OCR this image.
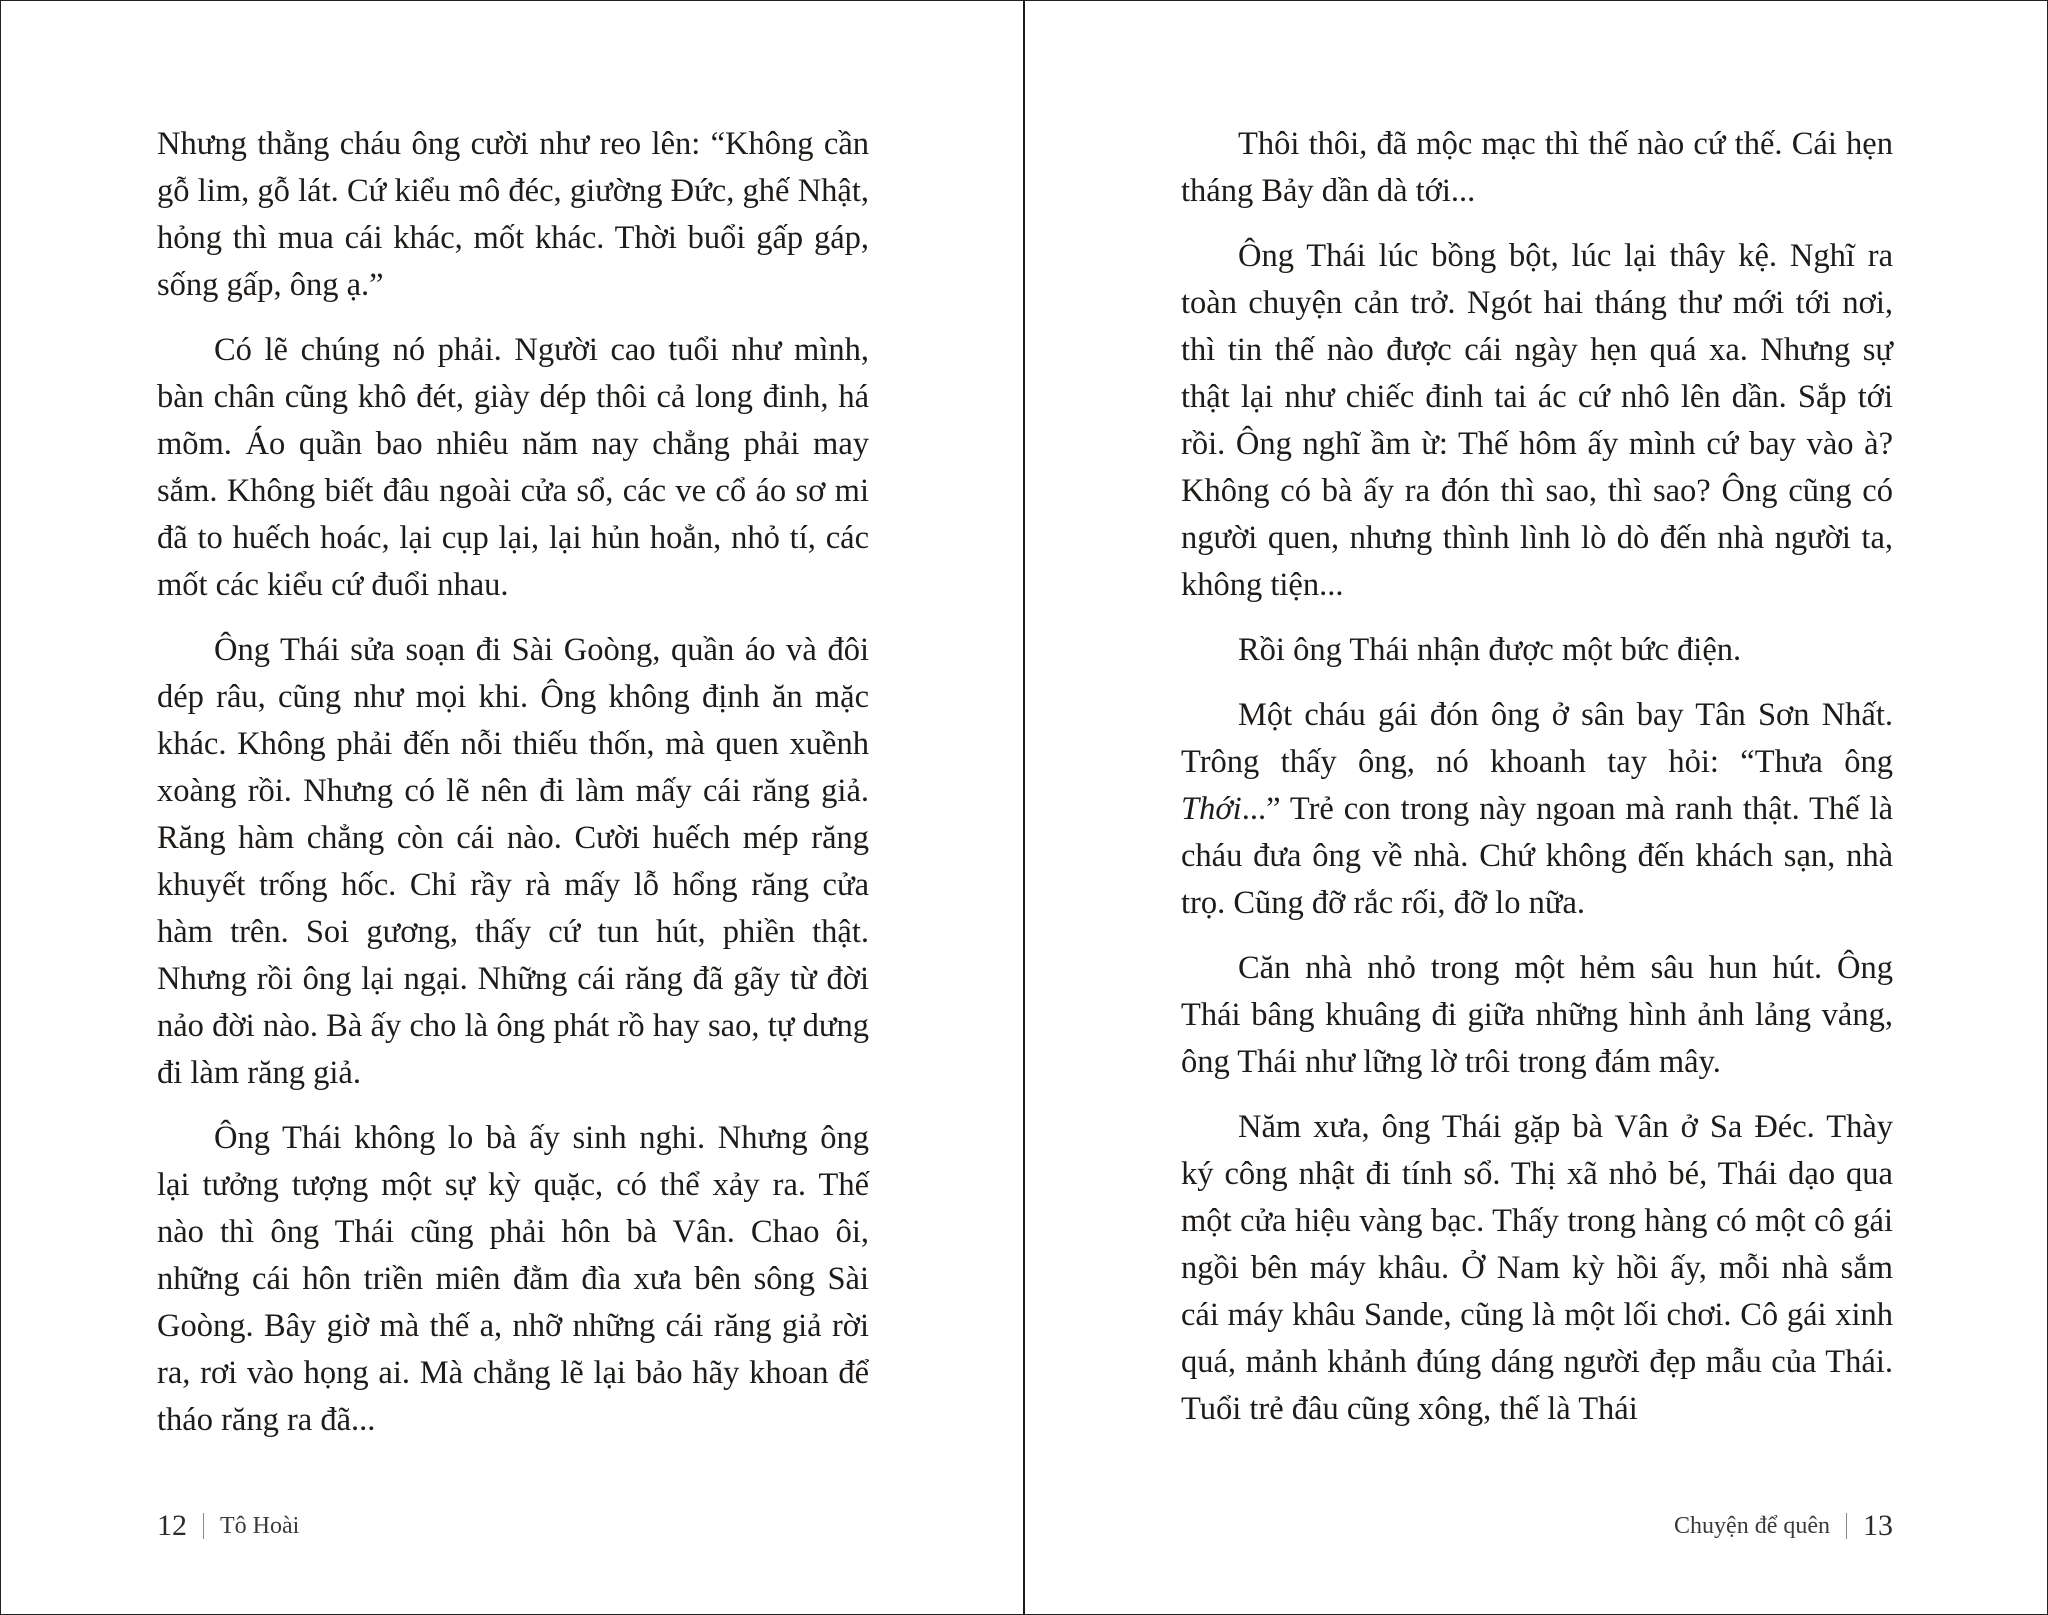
Nhưng thằng cháu ông cười như reo lên: “Không cần gỗ lim, gỗ lát. Cứ kiểu mô đéc, giường Đức, ghế Nhật, hỏng thì mua cái khác, mốt khác. Thời buổi gấp gáp, sống gấp, ông ạ.”

Có lẽ chúng nó phải. Người cao tuổi như mình, bàn chân cũng khô đét, giày dép thôi cả long đinh, há mõm. Áo quần bao nhiêu năm nay chẳng phải may sắm. Không biết đâu ngoài cửa sổ, các ve cổ áo sơ mi đã to huếch hoác, lại cụp lại, lại hủn hoẳn, nhỏ tí, các mốt các kiểu cứ đuổi nhau.

Ông Thái sửa soạn đi Sài Goòng, quần áo và đôi dép râu, cũng như mọi khi. Ông không định ăn mặc khác. Không phải đến nỗi thiếu thốn, mà quen xuềnh xoàng rồi. Nhưng có lẽ nên đi làm mấy cái răng giả. Răng hàm chẳng còn cái nào. Cười huếch mép răng khuyết trống hốc. Chỉ rầy rà mấy lỗ hổng răng cửa hàm trên. Soi gương, thấy cứ tun hút, phiền thật. Nhưng rồi ông lại ngại. Những cái răng đã gãy từ đời nảo đời nào. Bà ấy cho là ông phát rồ hay sao, tự dưng đi làm răng giả.

Ông Thái không lo bà ấy sinh nghi. Nhưng ông lại tưởng tượng một sự kỳ quặc, có thể xảy ra. Thế nào thì ông Thái cũng phải hôn bà Vân. Chao ôi, những cái hôn triền miên đằm đìa xưa bên sông Sài Goòng. Bây giờ mà thế a, nhỡ những cái răng giả rời ra, rơi vào họng ai. Mà chẳng lẽ lại bảo hãy khoan để tháo răng ra đã...

12 Tô Hoài

Thôi thôi, đã mộc mạc thì thế nào cứ thế. Cái hẹn tháng Bảy dần dà tới...

Ông Thái lúc bồng bột, lúc lại thây kệ. Nghĩ ra toàn chuyện cản trở. Ngót hai tháng thư mới tới nơi, thì tin thế nào được cái ngày hẹn quá xa. Nhưng sự thật lại như chiếc đinh tai ác cứ nhô lên dần. Sắp tới rồi. Ông nghĩ ầm ừ: Thế hôm ấy mình cứ bay vào à? Không có bà ấy ra đón thì sao, thì sao? Ông cũng có người quen, nhưng thình lình lò dò đến nhà người ta, không tiện...

Rồi ông Thái nhận được một bức điện.

Một cháu gái đón ông ở sân bay Tân Sơn Nhất. Trông thấy ông, nó khoanh tay hỏi: “Thưa ông Thới...” Trẻ con trong này ngoan mà ranh thật. Thế là cháu đưa ông về nhà. Chứ không đến khách sạn, nhà trọ. Cũng đỡ rắc rối, đỡ lo nữa.

Căn nhà nhỏ trong một hẻm sâu hun hút. Ông Thái bâng khuâng đi giữa những hình ảnh lảng vảng, ông Thái như lững lờ trôi trong đám mây.

Năm xưa, ông Thái gặp bà Vân ở Sa Đéc. Thày ký công nhật đi tính sổ. Thị xã nhỏ bé, Thái dạo qua một cửa hiệu vàng bạc. Thấy trong hàng có một cô gái ngồi bên máy khâu. Ở Nam kỳ hồi ấy, mỗi nhà sắm cái máy khâu Sande, cũng là một lối chơi. Cô gái xinh quá, mảnh khảnh đúng dáng người đẹp mẫu của Thái. Tuổi trẻ đâu cũng xông, thế là Thái

Chuyện để quên 13
